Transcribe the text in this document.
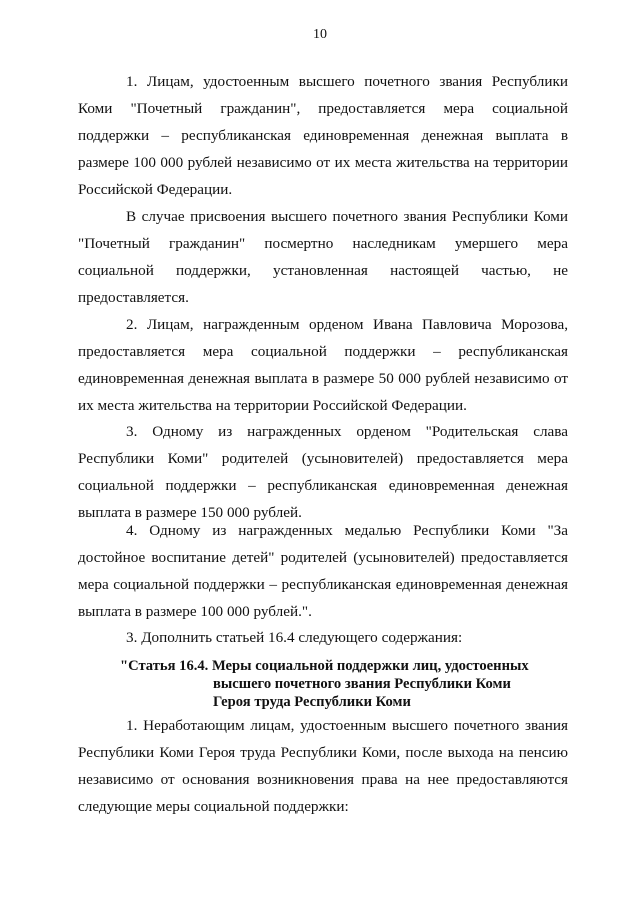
10

1. Лицам, удостоенным высшего почетного звания Республики Коми "Почетный гражданин", предоставляется мера социальной поддержки – республиканская единовременная денежная выплата в размере 100 000 рублей независимо от их места жительства на территории Российской Федерации.

В случае присвоения высшего почетного звания Республики Коми "Почетный гражданин" посмертно наследникам умершего мера социальной поддержки, установленная настоящей частью, не предоставляется.

2. Лицам, награжденным орденом Ивана Павловича Морозова, предоставляется мера социальной поддержки – республиканская единовременная денежная выплата в размере 50 000 рублей независимо от их места жительства на территории Российской Федерации.

3. Одному из награжденных орденом "Родительская слава Республики Коми" родителей (усыновителей) предоставляется мера социальной поддержки – республиканская единовременная денежная выплата в размере 150 000 рублей.

4. Одному из награжденных медалью Республики Коми "За достойное воспитание детей" родителей (усыновителей) предоставляется мера социальной поддержки – республиканская единовременная денежная выплата в размере 100 000 рублей.".

3. Дополнить статьей 16.4 следующего содержания:

"Статья 16.4. Меры социальной поддержки лиц, удостоенных
высшего почетного звания Республики Коми
Героя труда Республики Коми

1. Неработающим лицам, удостоенным высшего почетного звания Республики Коми Героя труда Республики Коми, после выхода на пенсию независимо от основания возникновения права на нее предоставляются следующие меры социальной поддержки:
